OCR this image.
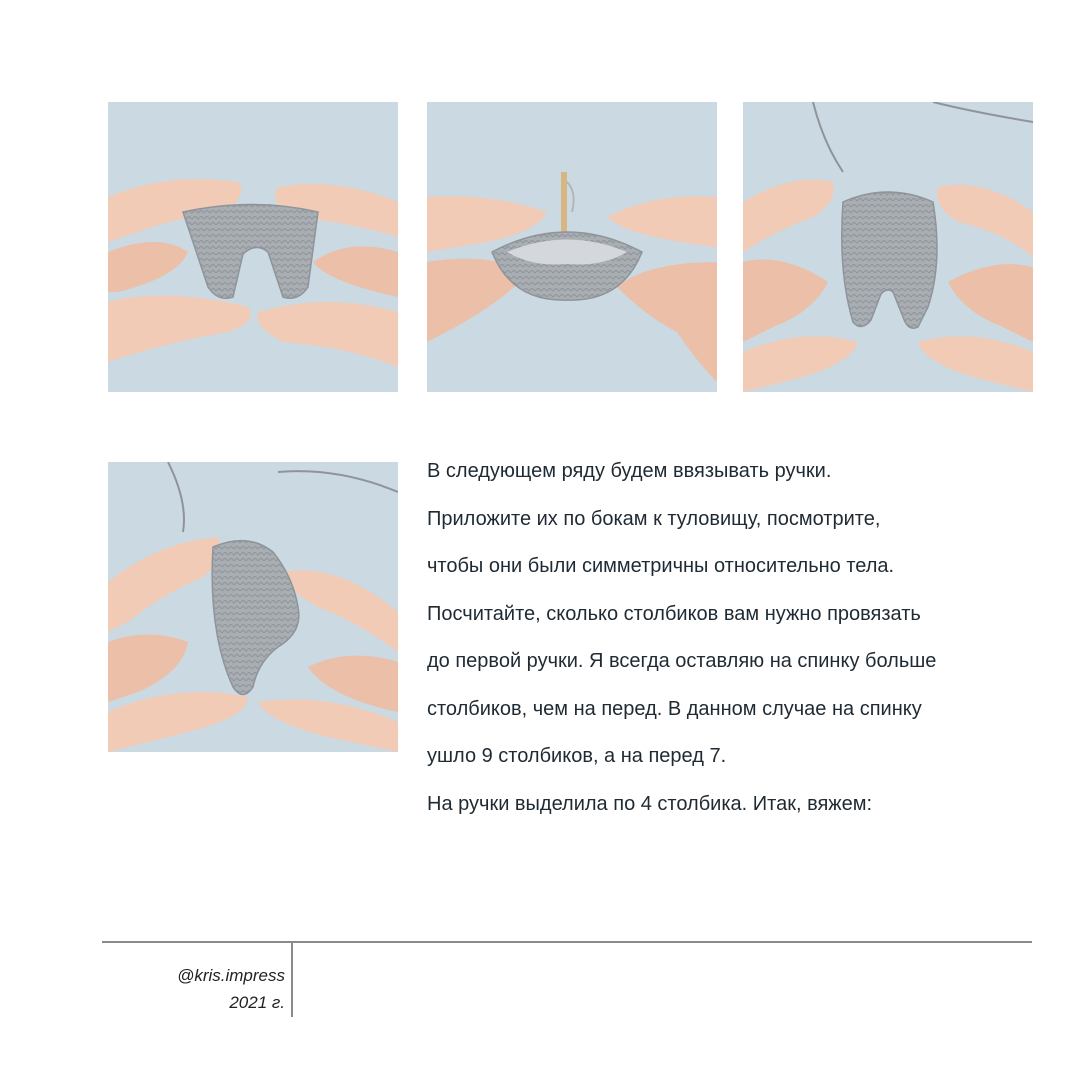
В следующем ряду будем ввязывать ручки.

Приложите их по бокам к туловищу, посмотрите,

чтобы они были симметричны относительно тела.

Посчитайте, сколько столбиков вам нужно провязать

до первой ручки. Я всегда оставляю на спинку больше

столбиков, чем на перед. В данном случае на спинку

ушло 9 столбиков, а на перед 7.

На ручки выделила по 4 столбика. Итак, вяжем:

@kris.impress
2021 г.
